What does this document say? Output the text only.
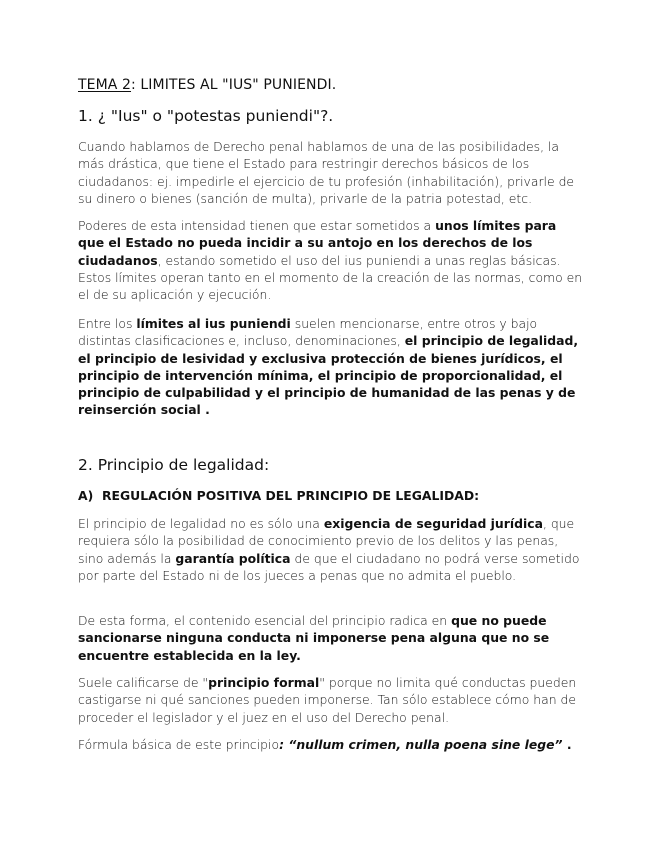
TEMA 2: LIMITES AL "IUS" PUNIENDI.
1. ¿ "Ius" o "potestas puniendi"?.

Cuando hablamos de Derecho penal hablamos de una de las posibilidades, la más drástica, que tiene el Estado para restringir derechos básicos de los ciudadanos: ej. impedirle el ejercicio de tu profesión (inhabilitación), privarle de su dinero o bienes (sanción de multa), privarle de la patria potestad, etc.

Poderes de esta intensidad tienen que estar sometidos a unos límites para que el Estado no pueda incidir a su antojo en los derechos de los ciudadanos, estando sometido el uso del ius puniendi a unas reglas básicas. Estos límites operan tanto en el momento de la creación de las normas, como en el de su aplicación y ejecución.

Entre los límites al ius puniendi suelen mencionarse, entre otros y bajo distintas clasificaciones e, incluso, denominaciones, el principio de legalidad, el principio de lesividad y exclusiva protección de bienes jurídicos, el principio de intervención mínima, el principio de proporcionalidad, el principio de culpabilidad y el principio de humanidad de las penas y de reinserción social .

2. Principio de legalidad:
A) REGULACIÓN POSITIVA DEL PRINCIPIO DE LEGALIDAD:

El principio de legalidad no es sólo una exigencia de seguridad jurídica, que requiera sólo la posibilidad de conocimiento previo de los delitos y las penas, sino además la garantía política de que el ciudadano no podrá verse sometido por parte del Estado ni de los jueces a penas que no admita el pueblo.

De esta forma, el contenido esencial del principio radica en que no puede sancionarse ninguna conducta ni imponerse pena alguna que no se encuentre establecida en la ley.

Suele calificarse de "principio formal" porque no limita qué conductas pueden castigarse ni qué sanciones pueden imponerse. Tan sólo establece cómo han de proceder el legislador y el juez en el uso del Derecho penal.

Fórmula básica de este principio: “nullum crimen, nulla poena sine lege” .
